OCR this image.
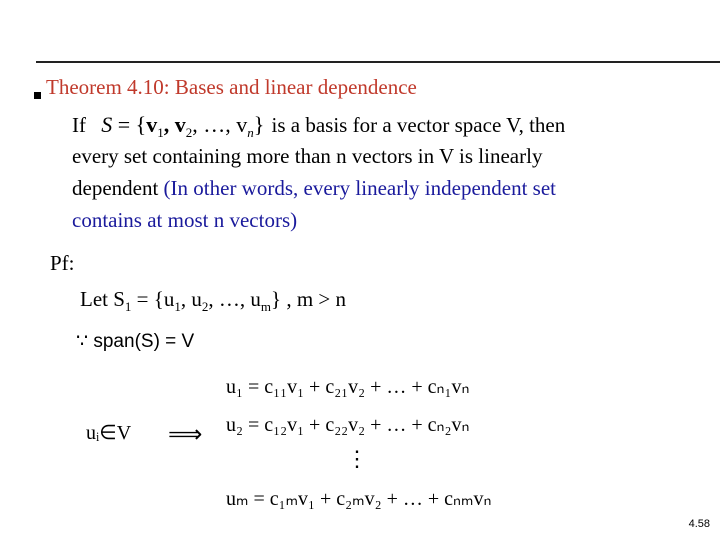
Theorem 4.10: Bases and linear dependence
If $S = \{v_1$, $v_2$, …, $v_n$} is a basis for a vector space V, then
every set containing more than n vectors in V is linearly
dependent (In other words, every linearly independent set
contains at most n vectors)
Pf:
Let $S_1 = \{u_1$, $u_2$, …, $u_m$} , m > n
∵ span(S) = V
uᵢ∈V ⟹
u₁ = c₁₁v₁ + c₂₁v₂ + … + cₙ₁vₙ
u₂ = c₁₂v₁ + c₂₂v₂ + … + cₙ₂vₙ
⋮
uₘ = c₁ₘv₁ + c₂ₘv₂ + … + cₙₘvₙ
4.58
